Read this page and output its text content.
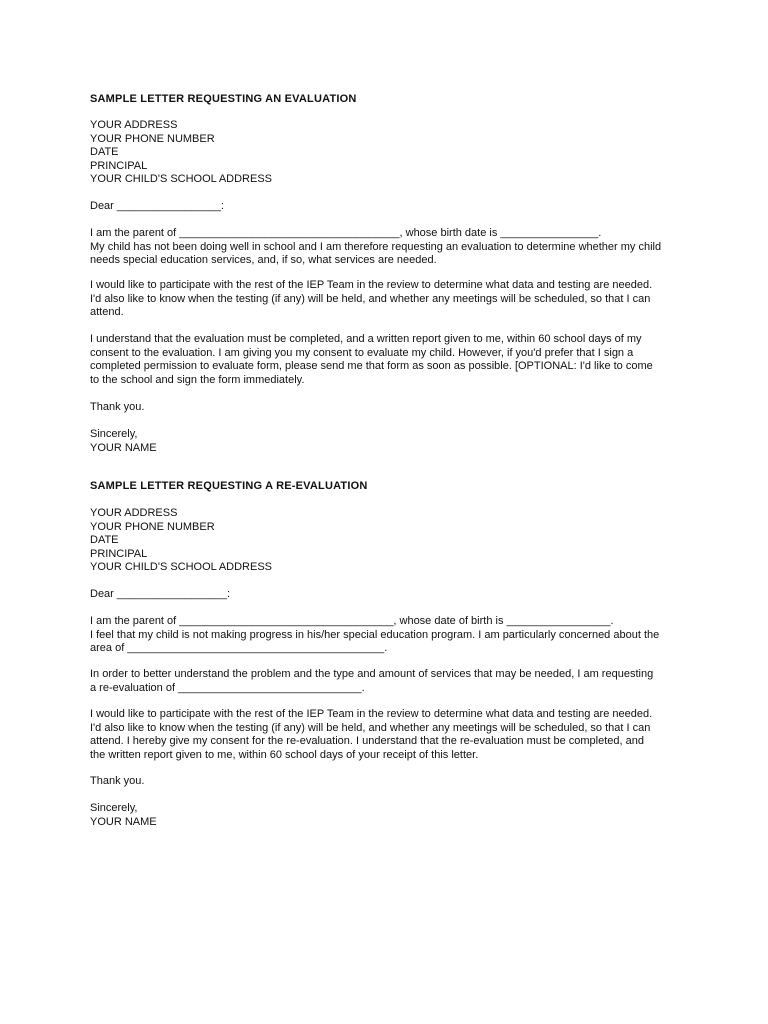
SAMPLE LETTER REQUESTING AN EVALUATION
YOUR ADDRESS
YOUR PHONE NUMBER
DATE
PRINCIPAL
YOUR CHILD'S SCHOOL ADDRESS
Dear _________________:
I am the parent of ____________________________________, whose birth date is ________________.
My child has not been doing well in school and I am therefore requesting an evaluation to determine whether my child
needs special education services, and, if so, what services are needed.
I would like to participate with the rest of the IEP Team in the review to determine what data and testing are needed.
I'd also like to know when the testing (if any) will be held, and whether any meetings will be scheduled, so that I can
attend.
I understand that the evaluation must be completed, and a written report given to me, within 60 school days of my
consent to the evaluation. I am giving you my consent to evaluate my child. However, if you'd prefer that I sign a
completed permission to evaluate form, please send me that form as soon as possible. [OPTIONAL: I'd like to come
to the school and sign the form immediately.
Thank you.
Sincerely,
YOUR NAME
SAMPLE LETTER REQUESTING A RE-EVALUATION
YOUR ADDRESS
YOUR PHONE NUMBER
DATE
PRINCIPAL
YOUR CHILD'S SCHOOL ADDRESS
Dear __________________:
I am the parent of ___________________________________, whose date of birth is _________________.
I feel that my child is not making progress in his/her special education program. I am particularly concerned about the
area of __________________________________________.
In order to better understand the problem and the type and amount of services that may be needed, I am requesting
a re-evaluation of ______________________________.
I would like to participate with the rest of the IEP Team in the review to determine what data and testing are needed.
I'd also like to know when the testing (if any) will be held, and whether any meetings will be scheduled, so that I can
attend. I hereby give my consent for the re-evaluation. I understand that the re-evaluation must be completed, and
the written report given to me, within 60 school days of your receipt of this letter.
Thank you.
Sincerely,
YOUR NAME
